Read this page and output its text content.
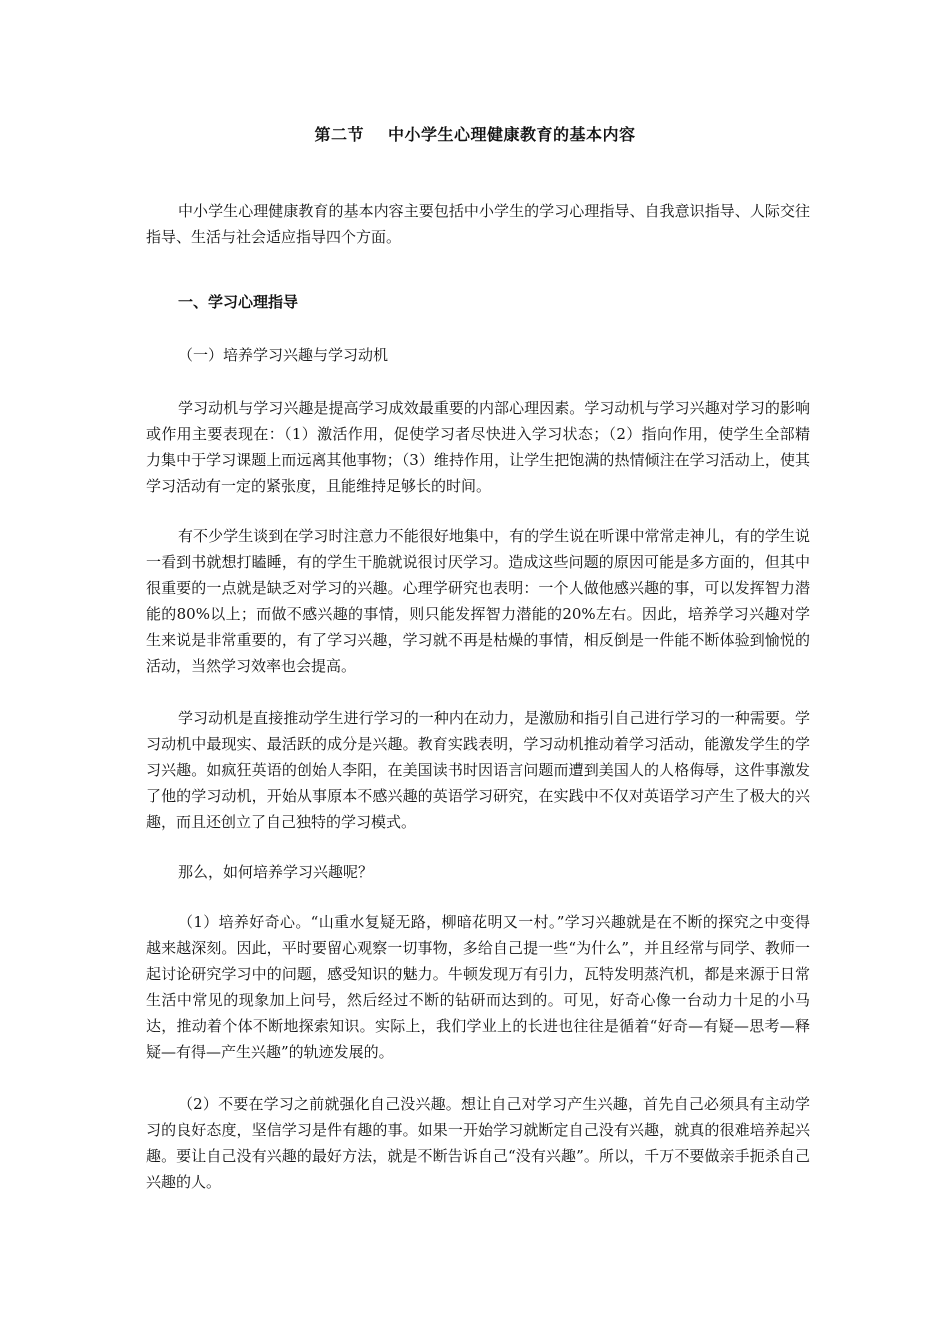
第二节 中小学生心理健康教育的基本内容

中小学生心理健康教育的基本内容主要包括中小学生的学习心理指导、自我意识指导、人际交往指导、生活与社会适应指导四个方面。

一、学习心理指导
（一）培养学习兴趣与学习动机

学习动机与学习兴趣是提高学习成效最重要的内部心理因素。学习动机与学习兴趣对学习的影响或作用主要表现在：（1）激活作用，促使学习者尽快进入学习状态；（2）指向作用，使学生全部精力集中于学习课题上而远离其他事物；（3）维持作用，让学生把饱满的热情倾注在学习活动上，使其学习活动有一定的紧张度，且能维持足够长的时间。

有不少学生谈到在学习时注意力不能很好地集中，有的学生说在听课中常常走神儿，有的学生说一看到书就想打瞌睡，有的学生干脆就说很讨厌学习。造成这些问题的原因可能是多方面的，但其中很重要的一点就是缺乏对学习的兴趣。心理学研究也表明：一个人做他感兴趣的事，可以发挥智力潜能的80%以上；而做不感兴趣的事情，则只能发挥智力潜能的20%左右。因此，培养学习兴趣对学生来说是非常重要的，有了学习兴趣，学习就不再是枯燥的事情，相反倒是一件能不断体验到愉悦的活动，当然学习效率也会提高。

学习动机是直接推动学生进行学习的一种内在动力，是激励和指引自己进行学习的一种需要。学习动机中最现实、最活跃的成分是兴趣。教育实践表明，学习动机推动着学习活动，能激发学生的学习兴趣。如疯狂英语的创始人李阳，在美国读书时因语言问题而遭到美国人的人格侮辱，这件事激发了他的学习动机，开始从事原本不感兴趣的英语学习研究，在实践中不仅对英语学习产生了极大的兴趣，而且还创立了自己独特的学习模式。

那么，如何培养学习兴趣呢？

（1）培养好奇心。“山重水复疑无路，柳暗花明又一村。”学习兴趣就是在不断的探究之中变得越来越深刻。因此，平时要留心观察一切事物，多给自己提一些“为什么”，并且经常与同学、教师一起讨论研究学习中的问题，感受知识的魅力。牛顿发现万有引力，瓦特发明蒸汽机，都是来源于日常生活中常见的现象加上问号，然后经过不断的钻研而达到的。可见，好奇心像一台动力十足的小马达，推动着个体不断地探索知识。实际上，我们学业上的长进也往往是循着“好奇—有疑—思考—释疑—有得—产生兴趣”的轨迹发展的。

（2）不要在学习之前就强化自己没兴趣。想让自己对学习产生兴趣，首先自己必须具有主动学习的良好态度，坚信学习是件有趣的事。如果一开始学习就断定自己没有兴趣，就真的很难培养起兴趣。要让自己没有兴趣的最好方法，就是不断告诉自己“没有兴趣”。所以，千万不要做亲手扼杀自己兴趣的人。
